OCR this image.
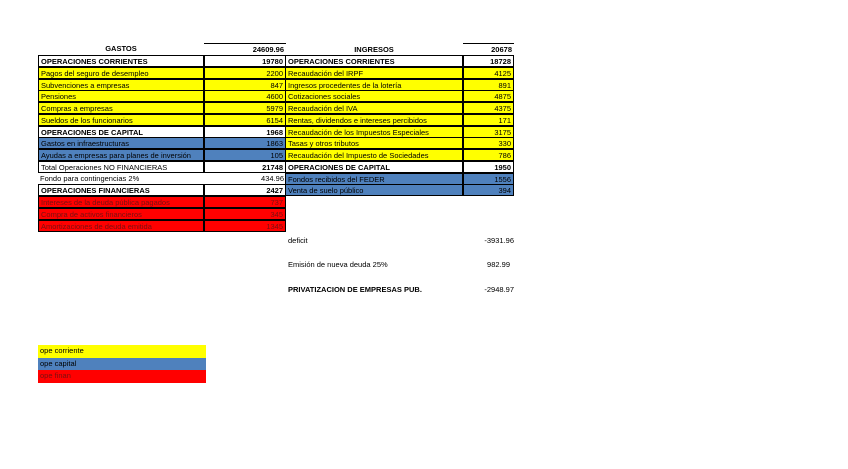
GASTOS	24609.96
OPERACIONES CORRIENTES	19780
Pagos del seguro de desempleo	2200
Subvenciones a empresas	847
Pensiones	4600
Compras a empresas	5979
Sueldos de los funcionarios	6154
OPERACIONES DE CAPITAL	1968
Gastos en infraestructuras	1863
Ayudas a empresas para planes de inversión	105
Total Operaciones NO FINANCIERAS	21748
Fondo para contingencias 2%	434.96
OPERACIONES FINANCIERAS	2427
Intereses de la deuda pública pagados	737
Compra de activos financieros	345
Amortizaciones de deuda emitida	1345
INGRESOS	20678
OPERACIONES CORRIENTES	18728
Recaudación del IRPF	4125
Ingresos procedentes de la lotería	891
Cotizaciones sociales	4875
Recaudación del IVA	4375
Rentas, dividendos e intereses percibidos	171
Recaudación de los Impuestos Especiales	3175
Tasas y otros tributos	330
Recaudación del Impuesto de Sociedades	786
OPERACIONES DE CAPITAL	1950
Fondos recibidos del FEDER	1556
Venta de suelo público	394
deficit	-3931.96
Emisión de nueva deuda 25%	982.99
PRIVATIZACION DE EMPRESAS PUB.	-2948.97
ope corriente
ope capital
ope finan
